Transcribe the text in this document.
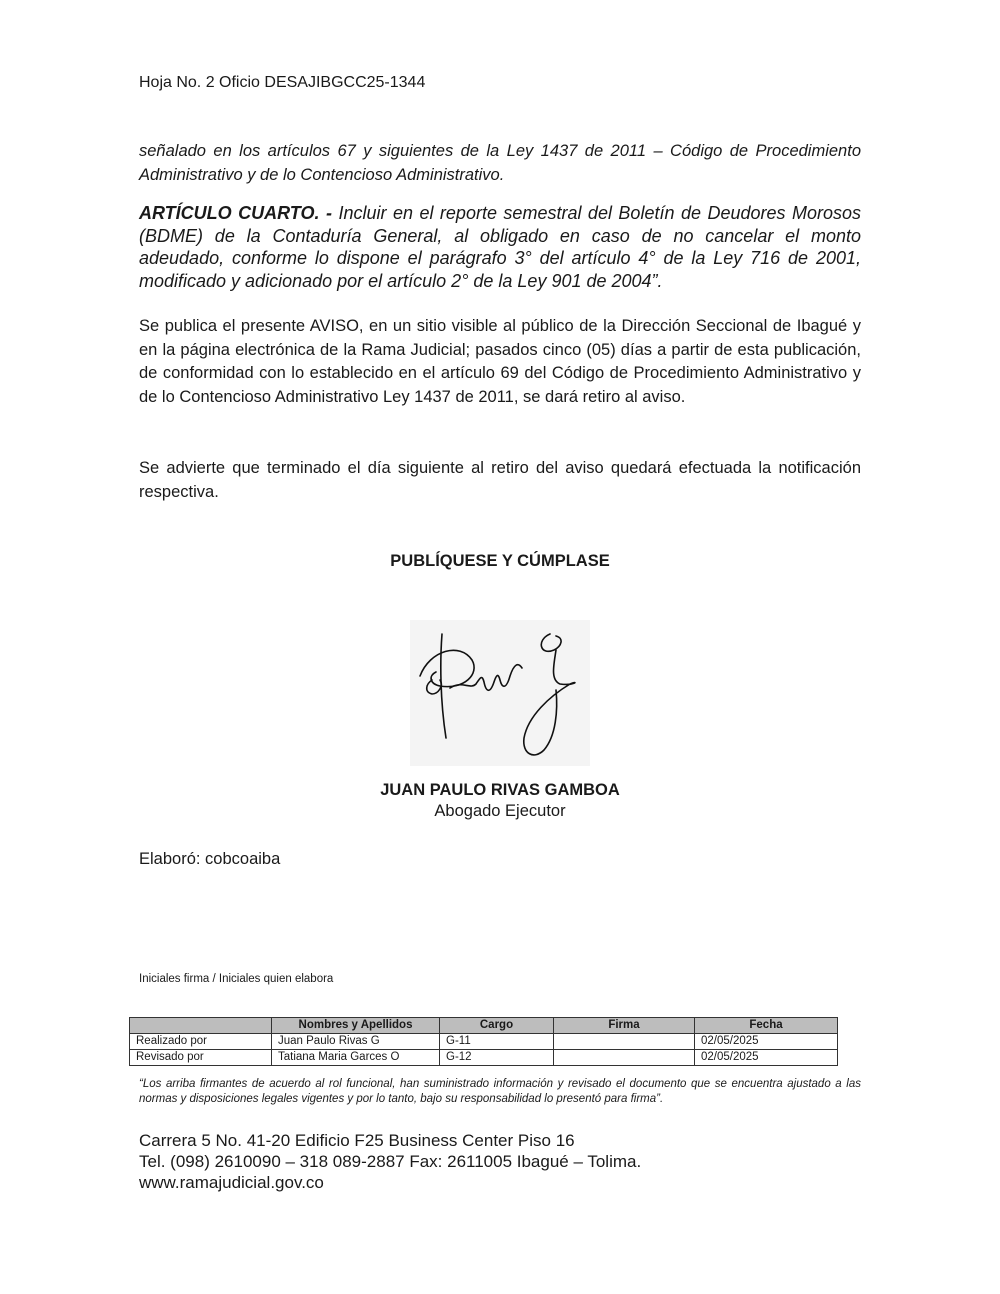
Hoja No. 2 Oficio DESAJIBGCC25-1344

señalado en los artículos 67 y siguientes de la Ley 1437 de 2011 – Código de Procedimiento Administrativo y de lo Contencioso Administrativo.

ARTÍCULO CUARTO. - Incluir en el reporte semestral del Boletín de Deudores Morosos (BDME) de la Contaduría General, al obligado en caso de no cancelar el monto adeudado, conforme lo dispone el parágrafo 3° del artículo 4° de la Ley 716 de 2001, modificado y adicionado por el artículo 2° de la Ley 901 de 2004”.

Se publica el presente AVISO, en un sitio visible al público de la Dirección Seccional de Ibagué y en la página electrónica de la Rama Judicial; pasados cinco (05) días a partir de esta publicación, de conformidad con lo establecido en el artículo 69 del Código de Procedimiento Administrativo y de lo Contencioso Administrativo Ley 1437 de 2011, se dará retiro al aviso.

Se advierte que terminado el día siguiente al retiro del aviso quedará efectuada la notificación respectiva.

PUBLÍQUESE Y CÚMPLASE
JUAN PAULO RIVAS GAMBOA
Abogado Ejecutor
Elaboró: cobcoaiba
Iniciales firma / Iniciales quien elabora
	Nombres y Apellidos	Cargo	Firma	Fecha
Realizado por	Juan Paulo Rivas G	G-11		02/05/2025
Revisado por	Tatiana Maria Garces O	G-12		02/05/2025
“Los arriba firmantes de acuerdo al rol funcional, han suministrado información y revisado el documento que se encuentra ajustado a las normas y disposiciones legales vigentes y por lo tanto, bajo su responsabilidad lo presentó para firma”.
Carrera 5 No. 41-20 Edificio F25 Business Center Piso 16
Tel. (098) 2610090 – 318 089-2887 Fax: 2611005 Ibagué – Tolima.
www.ramajudicial.gov.co
